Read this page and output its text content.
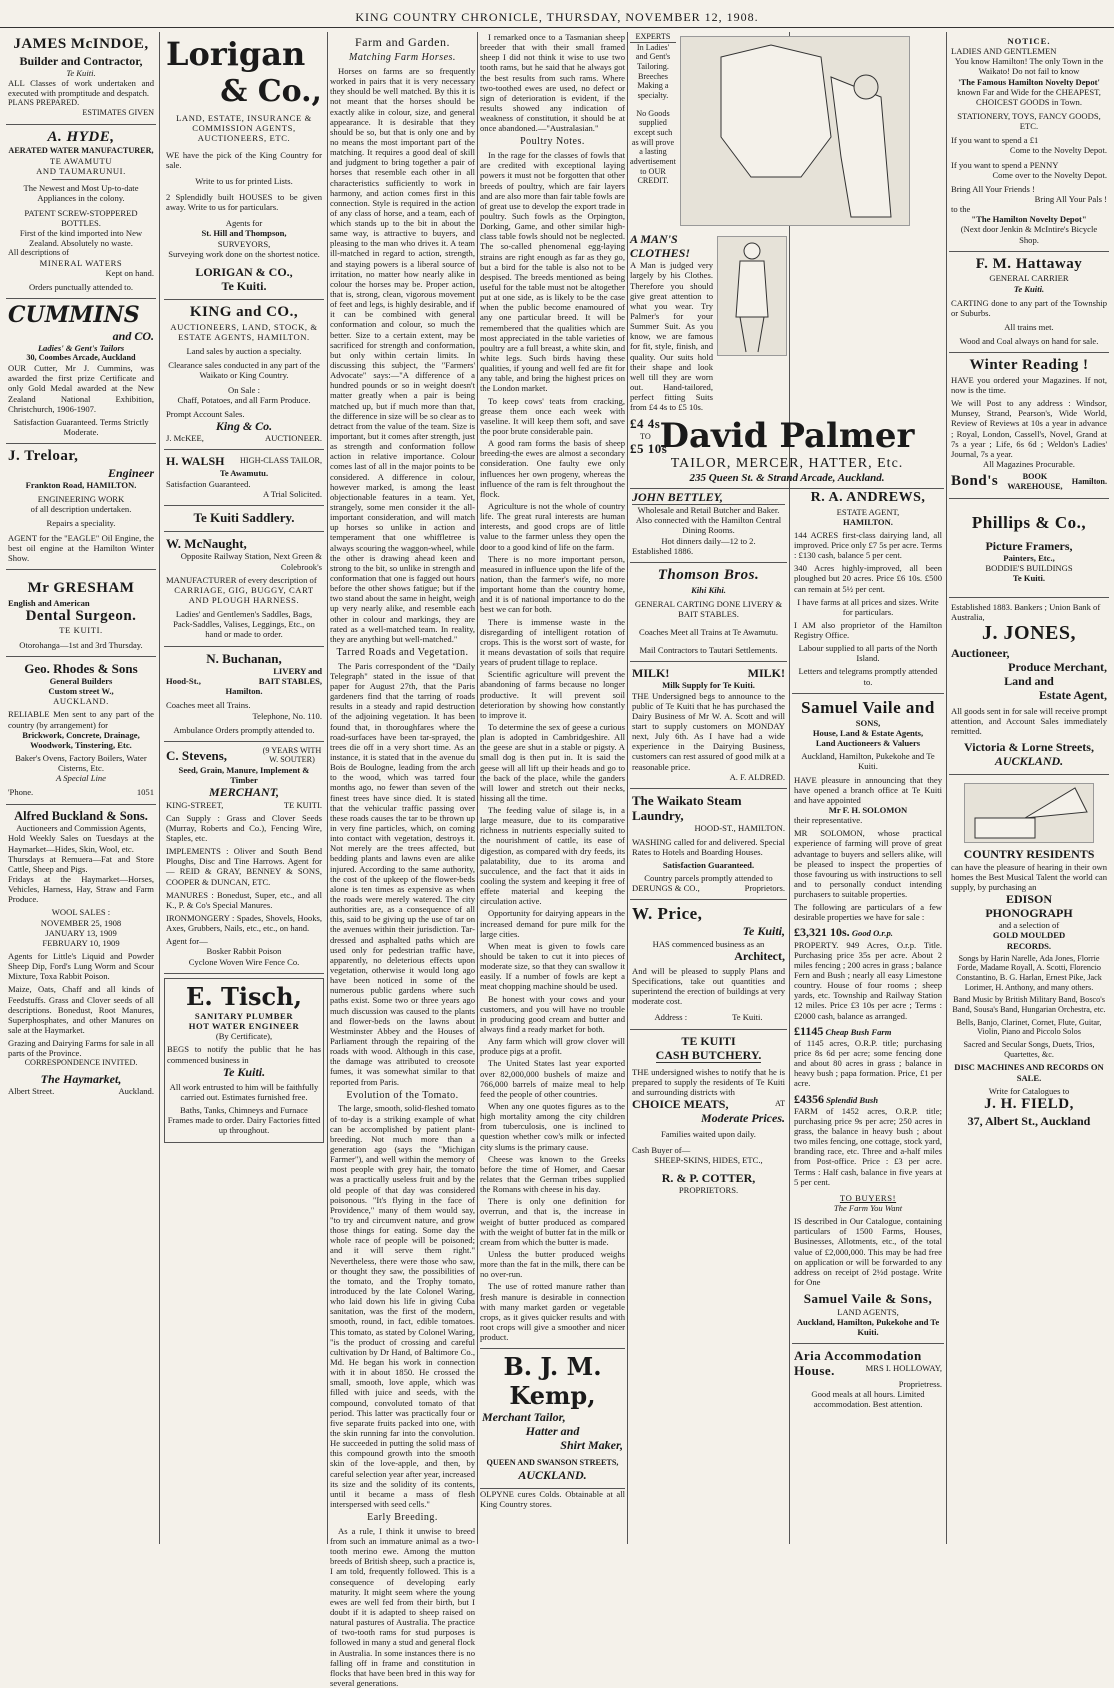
KING COUNTRY CHRONICLE, THURSDAY, NOVEMBER 12, 1908.
JAMES McINDOE,
Builder and Contractor,
Te Kuiti.
ALL Classes of work undertaken and executed with promptitude and despatch.
PLANS PREPARED.
ESTIMATES GIVEN
A. HYDE,
AERATED WATER MANUFACTURER,
TE AWAMUTU
AND TAUMARUNUI.
The Newest and Most Up-to-date Appliances in the colony.
PATENT SCREW-STOPPERED BOTTLES.
First of the kind imported into New Zealand. Absolutely no waste.
All descriptions of
MINERAL WATERS
Kept on hand.
Orders punctually attended to.
CUMMINS
and CO.
Ladies' & Gent's Tailors
30, Coombes Arcade, Auckland
OUR Cutter, Mr J. Cummins, was awarded the first prize Certificate and only Gold Medal awarded at the New Zealand National Exhibition, Christchurch, 1906-1907.
Satisfaction Guaranteed. Terms Strictly Moderate.
J. Treloar,
Engineer
Frankton Road, HAMILTON.
ENGINEERING WORK
of all description undertaken.
Repairs a speciality.
AGENT for the "EAGLE" Oil Engine, the best oil engine at the Hamilton Winter Show.
Mr GRESHAM
English and American
Dental Surgeon.
TE KUITI.
Otorohanga—1st and 3rd Thursday.
Geo. Rhodes & Sons
General Builders
Custom street W.,
AUCKLAND.
RELIABLE Men sent to any part of the country (by arrangement) for
Brickwork, Concrete, Drainage, Woodwork, Tinstering, Etc.
Baker's Ovens, Factory Boilers, Water Cisterns, Etc.
A Special Line
'Phone.	1051
Alfred Buckland & Sons.
Auctioneers and Commission Agents,
Hold Weekly Sales on Tuesdays at the Haymarket—Hides, Skin, Wool, etc.
Thursdays at Remuera—Fat and Store Cattle, Sheep and Pigs.
Fridays at the Haymarket—Horses, Vehicles, Harness, Hay, Straw and Farm Produce.
WOOL SALES :
NOVEMBER 25, 1908
JANUARY 13, 1909
FEBRUARY 10, 1909
Agents for Little's Liquid and Powder Sheep Dip, Ford's Lung Worm and Scour Mixture, Toxa Rabbit Poison.
Maize, Oats, Chaff and all kinds of Feedstuffs. Grass and Clover seeds of all descriptions. Bonedust, Root Manures, Superphosphates, and other Manures on sale at the Haymarket.
Grazing and Dairying Farms for sale in all parts of the Province.
CORRESPONDENCE INVITED.
The Haymarket,
Albert Street.	Auckland.
Lorigan
& Co.,
LAND, ESTATE, INSURANCE & COMMISSION AGENTS, AUCTIONEERS, ETC.
WE have the pick of the King Country for sale.
Write to us for printed Lists.
2 Splendidly built HOUSES to be given away. Write to us for particulars.
Agents for
St. Hill and Thompson,
SURVEYORS,
Surveying work done on the shortest notice.
LORIGAN & CO.,
Te Kuiti.
KING and CO.,
AUCTIONEERS, LAND, STOCK, & ESTATE AGENTS, HAMILTON.
Land sales by auction a specialty.
Clearance sales conducted in any part of the Waikato or King Country.
On Sale :
Chaff, Potatoes, and all Farm Produce.
Prompt Account Sales.
King & Co.
J. McKEE,	AUCTIONEER.
H. WALSH HIGH-CLASS TAILOR,
Te Awamutu.
Satisfaction Guaranteed.
A Trial Solicited.
Te Kuiti Saddlery.
W. McNaught,
Opposite Railway Station, Next Green & Colebrook's
MANUFACTURER of every description of
CARRIAGE, GIG, BUGGY, CART AND PLOUGH HARNESS.
Ladies' and Gentlemen's Saddles, Bags, Pack-Saddles, Valises, Leggings, Etc., on hand or made to order.
N. Buchanan,
LIVERY and
Hood-St.,	BAIT STABLES,
Hamilton.
Coaches meet all Trains.
Telephone, No. 110.
Ambulance Orders promptly attended to.
C. Stevens,	(9 YEARS WITH W. SOUTER)
Seed, Grain, Manure, Implement & Timber
MERCHANT,
KING-STREET,	TE KUITI.
Can Supply : Grass and Clover Seeds (Murray, Roberts and Co.), Fencing Wire, Staples, etc.
IMPLEMENTS : Oliver and South Bend Ploughs, Disc and Tine Harrows. Agent for— REID & GRAY, BENNEY & SONS, COOPER & DUNCAN, ETC.
MANURES : Bonedust, Super, etc., and all K., P. & Co's Special Manures.
IRONMONGERY : Spades, Shovels, Hooks, Axes, Grubbers, Nails, etc., etc., on hand.
Agent for—
Bosker Rabbit Poison
Cyclone Woven Wire Fence Co.
E. Tisch,
SANITARY PLUMBER
HOT WATER ENGINEER
(By Certificate),
BEGS to notify the public that he has commenced business in
Te Kuiti.
All work entrusted to him will be faithfully carried out. Estimates furnished free.
Baths, Tanks, Chimneys and Furnace Frames made to order. Dairy Factories fitted up throughout.
Farm and Garden.
Matching Farm Horses.

Horses on farms are so frequently worked in pairs that it is very necessary they should be well matched. By this it is not meant that the horses should be exactly alike in colour, size, and general appearance. It is desirable that they should be so, but that is only one and by no means the most important part of the matching. It requires a good deal of skill and judgment to bring together a pair of horses that resemble each other in all characteristics sufficiently to work in harmony, and action comes first in this connection. Style is required in the action of any class of horse, and a team, each of which stands up to the bit in about the same way, is attractive to buyers, and pleasing to the man who drives it. A team ill-matched in regard to action, strength, and staying powers is a liberal source of irritation, no matter how nearly alike in colour the horses may be. Proper action, that is, strong, clean, vigorous movement of feet and legs, is highly desirable, and if it can be combined with general conformation and colour, so much the better. Size to a certain extent, may be sacrificed for strength and conformation, but only within certain limits. In discussing this subject, the "Farmers' Advocate" says:—"A difference of a hundred pounds or so in weight doesn't matter greatly when a pair is being matched up, but if much more than that, the difference in size will be so clear as to detract from the value of the team. Size is important, but it comes after strength, just as strength and conformation follow action in relative importance. Colour comes last of all in the major points to be considered. A difference in colour, however marked, is among the least objectionable features in a team. Yet, strangely, some men consider it the all-important consideration, and will match up horses so unlike in action and temperament that one whiffletree is always scouring the waggon-wheel, while the other is drawing ahead keen and strong to the bit, so unlike in strength and conformation that one is fagged out hours before the other shows fatigue; but if the two stand about the same in height, weigh up very nearly alike, and resemble each other in colour and markings, they are rated as a well-matched team. In reality, they are anything but well-matched."

Tarred Roads and Vegetation.

The Paris correspondent of the "Daily Telegraph" stated in the issue of that paper for August 27th, that the Paris gardeners find that the tarring of roads results in a steady and rapid destruction of the adjoining vegetation. It has been found that, in thoroughfares where the road-surfaces have been tar-sprayed, the trees die off in a very short time. As an instance, it is stated that in the avenue du Bois de Boulogne, leading from the arch to the wood, which was tarred four months ago, no fewer than seven of the finest trees have since died. It is stated that the vehicular traffic passing over these roads causes the tar to be thrown up in very fine particles, which, on coming into contact with vegetation, destroys it. Not merely are the trees affected, but bedding plants and lawns even are alike injured. According to the same authority, the cost of the upkeep of the flower-beds alone is ten times as expensive as when the roads were merely watered. The city authorities are, as a consequence of all this, said to be giving up the use of tar on the avenues within their jurisdiction. Tar-dressed and asphalted paths which are used only for pedestrian traffic have, apparently, no deleterious effects upon vegetation, otherwise it would long ago have been noticed in some of the numerous public gardens where such paths exist. Some two or three years ago much discussion was caused to the plants and flower-beds on the lawns about Westminster Abbey and the Houses of Parliament through the repairing of the roads with wood. Although in this case, the damage was attributed to creosote fumes, it was somewhat similar to that reported from Paris.

Evolution of the Tomato.

The large, smooth, solid-fleshed tomato of to-day is a striking example of what can be accomplished by patient plant-breeding. Not much more than a generation ago (says the "Michigan Farmer"), and well within the memory of most people with grey hair, the tomato was a practically useless fruit and by the old people of that day was considered poisonous. "It's flying in the face of Providence," many of them would say, "to try and circumvent nature, and grow those things for eating. Some day the whole race of people will be poisoned; and it will serve them right." Nevertheless, there were those who saw, or thought they saw, the possibilities of the tomato, and the Trophy tomato, introduced by the late Colonel Waring, who laid down his life in giving Cuba sanitation, was the first of the modern, smooth, round, in fact, edible tomatoes. This tomato, as stated by Colonel Waring, "is the product of crossing and careful cultivation by Dr Hand, of Baltimore Co., Md. He began his work in connection with it in about 1850. He crossed the small, smooth, love apple, which was filled with juice and seeds, with the compound, convoluted tomato of that period. This latter was practically four or five separate fruits packed into one, with the skin running far into the convolution. He succeeded in putting the solid mass of this compound growth into the smooth skin of the love-apple, and then, by careful selection year after year, increased its size and the solidity of its contents, until it became a mass of flesh interspersed with seed cells."

Early Breeding.

As a rule, I think it unwise to breed from such an immature animal as a two-tooth merino ewe. Among the mutton breeds of British sheep, such a practice is, I am told, frequently followed. This is a consequence of developing early maturity. It might seem where the young ewes are well fed from their birth, but I doubt if it is adapted to sheep raised on natural pastures of Australia. The practice of two-tooth rams for stud purposes is followed in many a stud and general flock in Australia. In some instances there is no falling off in frame and constitution in flocks that have been bred in this way for several generations.

I remarked once to a Tasmanian sheep breeder that with their small framed sheep I did not think it wise to use two tooth rams, but he said that he always got the best results from such rams. Where two-toothed ewes are used, no defect or sign of deterioration is evident, if the results showed any indication of weakness of constitution, it should be at once abandoned.—"Australasian."

Poultry Notes.

In the rage for the classes of fowls that are credited with exceptional laying powers it must not be forgotten that other breeds of poultry, which are fair layers and are also more than fair table fowls are of great use to develop the export trade in poultry. Such fowls as the Orpington, Dorking, Game, and other similar high-class table fowls should not be neglected. The so-called phenomenal egg-laying strains are right enough as far as they go, but a bird for the table is also not to be despised. The breeds mentioned as being useful for the table must not be altogether put at one side, as is likely to be the case when the public become enamoured of any one particular breed. It will be remembered that the qualities which are most appreciated in the table varieties of poultry are a full breast, a white skin, and white legs. Such birds having these qualities, if young and well fed are fit for any table, and bring the highest prices on the London market.

To keep cows' teats from cracking, grease them once each week with vaseline. It will keep them soft, and save the poor brute considerable pain.

A good ram forms the basis of sheep breeding-the ewes are almost a secondary consideration. One faulty ewe only influences her own progeny, whereas the influence of the ram is felt throughout the flock.

Agriculture is not the whole of country life. The great rural interests are human interests, and good crops are of little value to the farmer unless they open the door to a good kind of life on the farm.

There is no more important person, measured in influence upon the life of the nation, than the farmer's wife, no more important home than the country home, and it is of national importance to do the best we can for both.

There is immense waste in the disregarding of intelligent rotation of crops. This is the worst sort of waste, for it means devastation of soils that require years of prudent tillage to replace.

Scientific agriculture will prevent the abandoning of farms because no longer productive. It will prevent soil deterioration by showing how constantly to improve it.

To determine the sex of geese a curious plan is adopted in Cambridgeshire. All the geese are shut in a stable or pigsty. A small dog is then put in. It is said the geese will all lift up their heads and go to the back of the place, while the ganders will lower and stretch out their necks, hissing all the time.

The feeding value of silage is, in a large measure, due to its comparative richness in nutrients especially suited to the nourishment of cattle, its ease of digestion, as compared with dry feeds, its palatability, due to its aroma and succulence, and the fact that it aids in cooling the system and keeping it free of effete material and keeping the circulation active.

Opportunity for dairying appears in the increased demand for pure milk for the large cities.

When meat is given to fowls care should be taken to cut it into pieces of moderate size, so that they can swallow it easily. If a number of fowls are kept a meat chopping machine should be used.

Be honest with your cows and your customers, and you will have no trouble in producing good cream and butter and always find a ready market for both.

Any farm which will grow clover will produce pigs at a profit.

The United States last year exported over 82,000,000 bushels of maize and 766,000 barrels of maize meal to help feed the people of other countries.

When any one quotes figures as to the high mortality among the city children from tuberculosis, one is inclined to question whether cow's milk or infected city slums is the primary cause.

Cheese was known to the Greeks before the time of Homer, and Caesar relates that the German tribes supplied the Romans with cheese in his day.

There is only one definition for overrun, and that is, the increase in weight of butter produced as compared with the weight of butter fat in the milk or cream from which the butter is made.

Unless the butter produced weighs more than the fat in the milk, there can be no over-run.

The use of rotted manure rather than fresh manure is desirable in connection with many market garden or vegetable crops, as it gives quicker results and with root crops will give a smoother and nicer product.

B. J. M. Kemp,
Merchant Tailor,
Hatter and
Shirt Maker,
QUEEN AND SWANSON STREETS,
AUCKLAND.

OLPYNE cures Colds. Obtainable at all King Country stores.

EXPERTS
In Ladies' and Gent's Tailoring. Breeches Making a specialty.
No Goods supplied except such as will prove a lasting advertisement to OUR CREDIT.
A MAN'S CLOTHES!
A Man is judged very largely by his Clothes. Therefore you should give great attention to what you wear. Try Palmer's for your Summer Suit. As you know, we are famous for fit, style, finish, and quality. Our suits hold their shape and look well till they are worn out. Hand-tailored, perfect fitting Suits from £4 4s to £5 10s.
£4 4s
TO
£5 10s
David Palmer
TAILOR, MERCER, HATTER, Etc.
235 Queen St. & Strand Arcade, Auckland.
JOHN BETTLEY,
Wholesale and Retail Butcher and Baker.
Also connected with the Hamilton Central Dining Rooms.
Hot dinners daily—12 to 2.
Established 1886.
Thomson Bros.
Kihi Kihi.
GENERAL CARTING DONE LIVERY & BAIT STABLES.
Coaches Meet all Trains at Te Awamutu.
Mail Contractors to Tautari Settlements.
MILK!	MILK!
Milk Supply for Te Kuiti.
THE Undersigned begs to announce to the public of Te Kuiti that he has purchased the Dairy Business of Mr W. A. Scott and will start to supply customers on MONDAY next, July 6th. As I have had a wide experience in the Dairying Business, customers can rest assured of good milk at a reasonable price.
A. F. ALDRED.
The Waikato Steam Laundry,
HOOD-ST., HAMILTON.
WASHING called for and delivered. Special Rates to Hotels and Boarding Houses.
Satisfaction Guaranteed.
Country parcels promptly attended to
DERUNGS & CO.,	Proprietors.
W. Price,
Te Kuiti,
HAS commenced business as an
Architect,
And will be pleased to supply Plans and Specifications, take out quantities and superintend the erection of buildings at very moderate cost.
Address :	Te Kuiti.
TE KUITI
CASH BUTCHERY.
THE undersigned wishes to notify that he is prepared to supply the residents of Te Kuiti and surrounding districts with
CHOICE MEATS,	AT
Moderate Prices.
Families waited upon daily.
Cash Buyer of—
SHEEP-SKINS, HIDES, ETC.,
R. & P. COTTER,
PROPRIETORS.
R. A. ANDREWS,
ESTATE AGENT,
HAMILTON.
144 ACRES first-class dairying land, all improved. Price only £7 5s per acre. Terms : £130 cash, balance 5 per cent.
340 Acres highly-improved, all been ploughed but 20 acres. Price £6 10s. £500 can remain at 5½ per cent.
I have farms at all prices and sizes. Write for particulars.
I AM also proprietor of the Hamilton Registry Office.
Labour supplied to all parts of the North Island.
Letters and telegrams promptly attended to.
Samuel Vaile and
SONS,
House, Land & Estate Agents,
Land Auctioneers & Valuers
Auckland, Hamilton, Pukekohe and Te Kuiti.
HAVE pleasure in announcing that they have opened a branch office at Te Kuiti and have appointed
Mr F. H. SOLOMON
their representative.
MR SOLOMON, whose practical experience of farming will prove of great advantage to buyers and sellers alike, will be pleased to inspect the properties of those favouring us with instructions to sell and to personally conduct intending purchasers to suitable properties.
The following are particulars of a few desirable properties we have for sale :
£3,321 10s. Good O.r.p.
PROPERTY. 949 Acres, O.r.p. Title. Purchasing price 35s per acre. About 2 miles fencing ; 200 acres in grass ; balance Fern and Bush ; nearly all easy Limestone country. House of four rooms ; sheep yards, etc. Township and Railway Station 12 miles. Price £3 10s per acre ; Terms : £2000 cash, balance as arranged.
£1145 Cheap Bush Farm
of 1145 acres, O.R.P. title; purchasing price 8s 6d per acre; some fencing done and about 80 acres in grass ; balance in heavy bush ; papa formation. Price, £1 per acre.
£4356 Splendid Bush
FARM of 1452 acres, O.R.P. title; purchasing price 9s per acre; 250 acres in grass, the balance in heavy bush ; about two miles fencing, one cottage, stock yard, branding race, etc. Three and a-half miles from Post-office. Price : £3 per acre. Terms : Half cash, balance in five years at 5 per cent.
TO BUYERS!
The Farm You Want
IS described in Our Catalogue, containing particulars of 1500 Farms, Houses, Businesses, Allotments, etc., of the total value of £2,000,000. This may be had free on application or will be forwarded to any address on receipt of 2½d postage. Write for One
Samuel Vaile & Sons,
LAND AGENTS,
Auckland, Hamilton, Pukekohe and Te Kuiti.
Aria Accommodation
House.	MRS I. HOLLOWAY,
Proprietress.
Good meals at all hours. Limited accommodation. Best attention.
NOTICE.
LADIES AND GENTLEMEN
You know Hamilton! The only Town in the Waikato! Do not fail to know
'The Famous Hamilton Novelty Depot'
known Far and Wide for the CHEAPEST, CHOICEST GOODS in Town.
STATIONERY, TOYS, FANCY GOODS, ETC.
If you want to spend a £1
Come to the Novelty Depot.
If you want to spend a PENNY
Come over to the Novelty Depot.
Bring All Your Friends !
Bring All Your Pals !
to the
"The Hamilton Novelty Depot"
(Next door Jenkin & McIntire's Bicycle Shop.
F. M. Hattaway
GENERAL CARRIER
Te Kuiti.
CARTING done to any part of the Township or Suburbs.
All trains met.
Wood and Coal always on hand for sale.
Winter Reading !
HAVE you ordered your Magazines. If not, now is the time.
We will Post to any address : Windsor, Munsey, Strand, Pearson's, Wide World, Review of Reviews at 10s a year in advance ; Royal, London, Cassell's, Novel, Grand at 7s a year ; Life, 6s 6d ; Weldon's Ladies' Journal, 7s a year.
All Magazines Procurable.
Bond's	BOOK WAREHOUSE,
Hamilton.
Phillips & Co.,
Picture Framers,
Painters, Etc.,
BODDIE'S BUILDINGS
Te Kuiti.
Established 1883. Bankers ; Union Bank of Australia,
J. JONES,
Auctioneer,
Produce Merchant,
Land and
Estate Agent,
All goods sent in for sale will receive prompt attention, and Account Sales immediately remitted.
Victoria & Lorne Streets,
AUCKLAND.
COUNTRY RESIDENTS
can have the pleasure of hearing in their own homes the Best Musical Talent the world can supply, by purchasing an
EDISON
PHONOGRAPH
and a selection of
GOLD MOULDED
RECORDS.
Songs by Harin Narelle, Ada Jones, Florrie Forde, Madame Royall, A. Scotti, Florencio Constantino, B. G. Harlan, Ernest Pike, Jack Lorimer, H. Anthony, and many others.
Band Music by British Military Band, Bosco's Band, Sousa's Band, Hungarian Orchestra, etc.
Bells, Banjo, Clarinet, Cornet, Flute, Guitar, Violin, Piano and Piccolo Solos
Sacred and Secular Songs, Duets, Trios, Quartettes, &c.
DISC MACHINES AND RECORDS ON SALE.
Write for Catalogues to
J. H. FIELD,
37, Albert St., Auckland
